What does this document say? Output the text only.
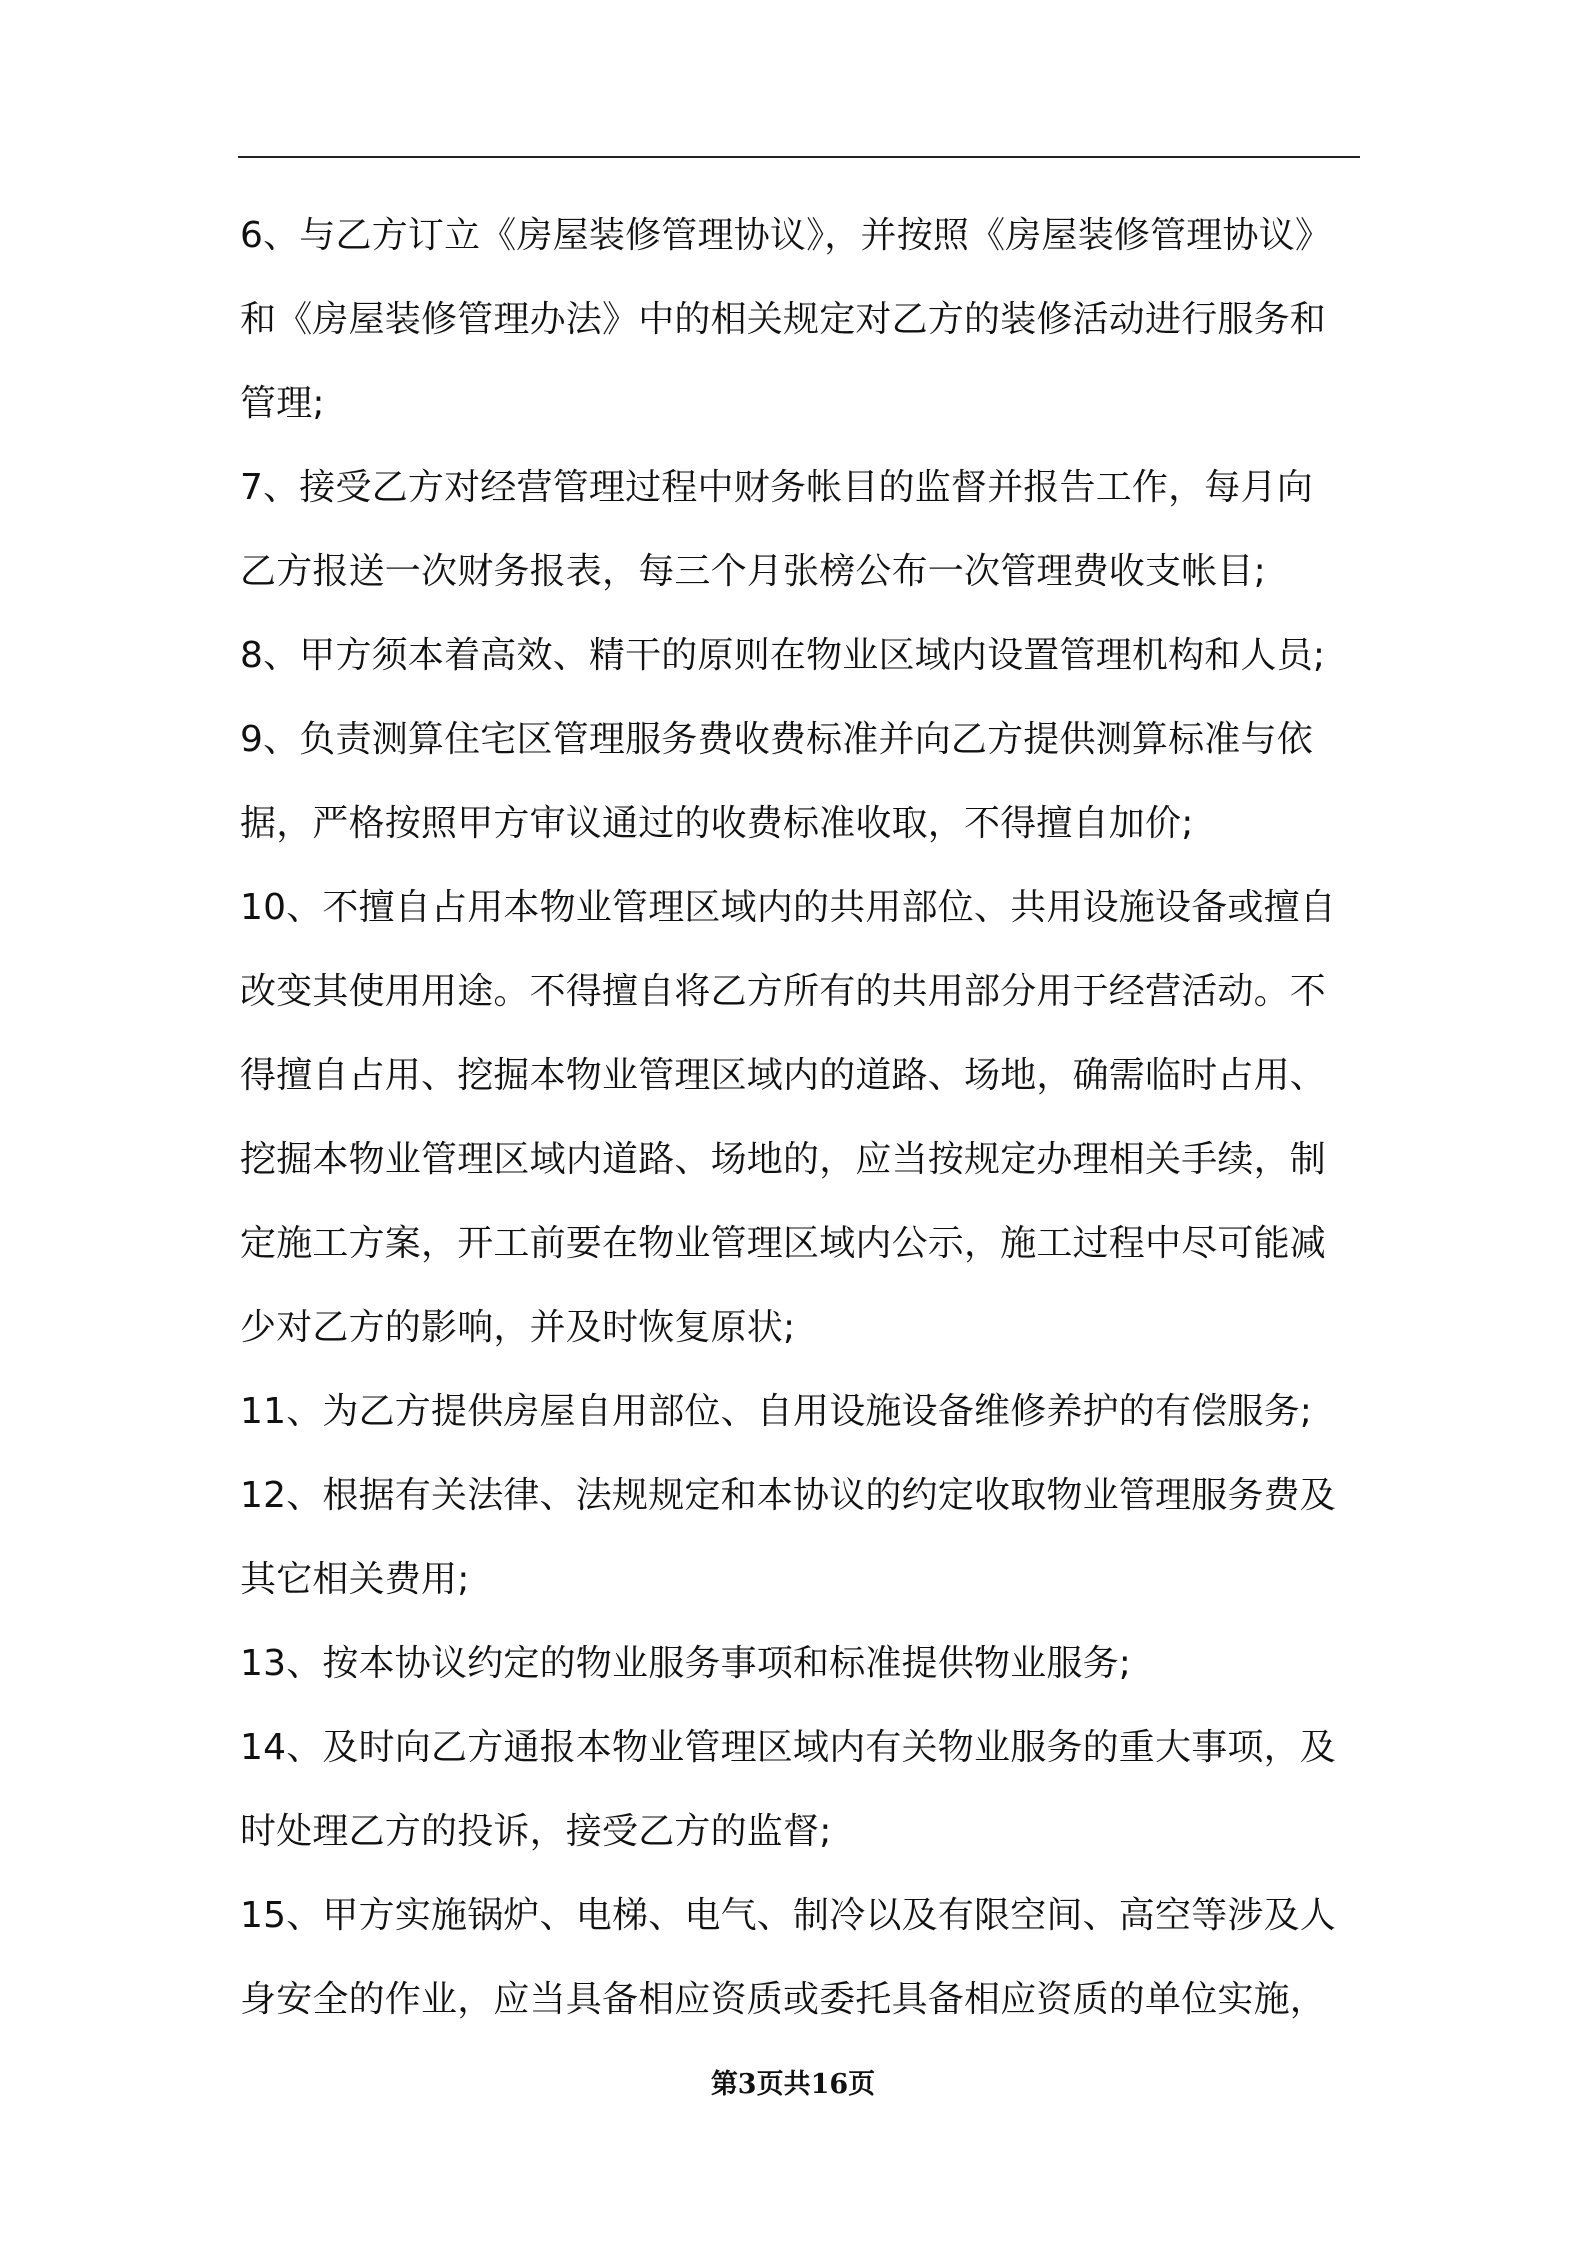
6、与乙方订立《房屋装修管理协议》，并按照《房屋装修管理协议》
和《房屋装修管理办法》中的相关规定对乙方的装修活动进行服务和
管理;

7、接受乙方对经营管理过程中财务帐目的监督并报告工作，每月向
乙方报送一次财务报表，每三个月张榜公布一次管理费收支帐目;

8、甲方须本着高效、精干的原则在物业区域内设置管理机构和人员;

9、负责测算住宅区管理服务费收费标准并向乙方提供测算标准与依
据，严格按照甲方审议通过的收费标准收取，不得擅自加价;

10、不擅自占用本物业管理区域内的共用部位、共用设施设备或擅自
改变其使用用途。不得擅自将乙方所有的共用部分用于经营活动。不
得擅自占用、挖掘本物业管理区域内的道路、场地，确需临时占用、
挖掘本物业管理区域内道路、场地的，应当按规定办理相关手续，制
定施工方案，开工前要在物业管理区域内公示，施工过程中尽可能减
少对乙方的影响，并及时恢复原状;

11、为乙方提供房屋自用部位、自用设施设备维修养护的有偿服务;

12、根据有关法律、法规规定和本协议的约定收取物业管理服务费及
其它相关费用;

13、按本协议约定的物业服务事项和标准提供物业服务;

14、及时向乙方通报本物业管理区域内有关物业服务的重大事项，及
时处理乙方的投诉，接受乙方的监督;

15、甲方实施锅炉、电梯、电气、制冷以及有限空间、高空等涉及人
身安全的作业，应当具备相应资质或委托具备相应资质的单位实施，

第3页共16页
